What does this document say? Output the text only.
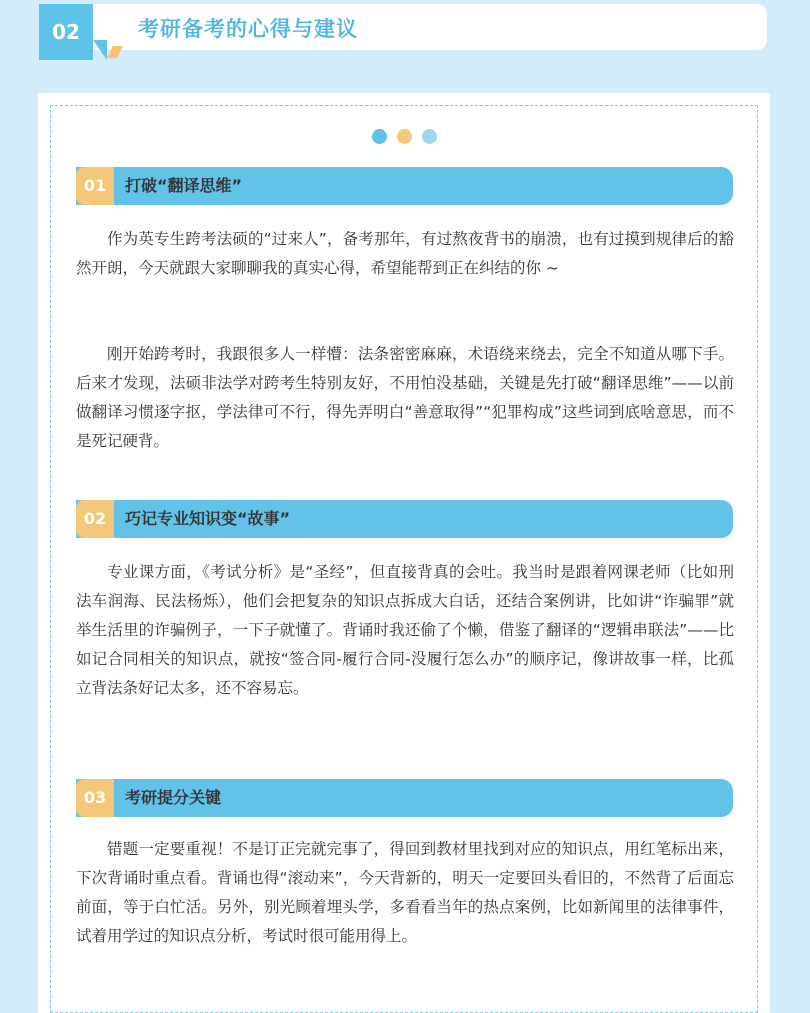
02	考研备考的心得与建议
01	打破“翻译思维”

作为英专生跨考法硕的“过来人”，备考那年，有过熬夜背书的崩溃，也有过摸到规律后的豁然开朗，今天就跟大家聊聊我的真实心得，希望能帮到正在纠结的你 ~

刚开始跨考时，我跟很多人一样懵：法条密密麻麻，术语绕来绕去，完全不知道从哪下手。后来才发现，法硕非法学对跨考生特别友好，不用怕没基础，关键是先打破“翻译思维”——以前做翻译习惯逐字抠，学法律可不行，得先弄明白“善意取得”“犯罪构成”这些词到底啥意思，而不是死记硬背。

02	巧记专业知识变“故事”

专业课方面，《考试分析》是“圣经”，但直接背真的会吐。我当时是跟着网课老师（比如刑法车润海、民法杨烁），他们会把复杂的知识点拆成大白话，还结合案例讲，比如讲“诈骗罪”就举生活里的诈骗例子，一下子就懂了。背诵时我还偷了个懒，借鉴了翻译的“逻辑串联法”——比如记合同相关的知识点，就按“签合同-履行合同-没履行怎么办”的顺序记，像讲故事一样，比孤立背法条好记太多，还不容易忘。

03	考研提分关键

错题一定要重视！不是订正完就完事了，得回到教材里找到对应的知识点，用红笔标出来，下次背诵时重点看。背诵也得“滚动来”，今天背新的，明天一定要回头看旧的，不然背了后面忘前面，等于白忙活。另外，别光顾着埋头学，多看看当年的热点案例，比如新闻里的法律事件，试着用学过的知识点分析，考试时很可能用得上。
